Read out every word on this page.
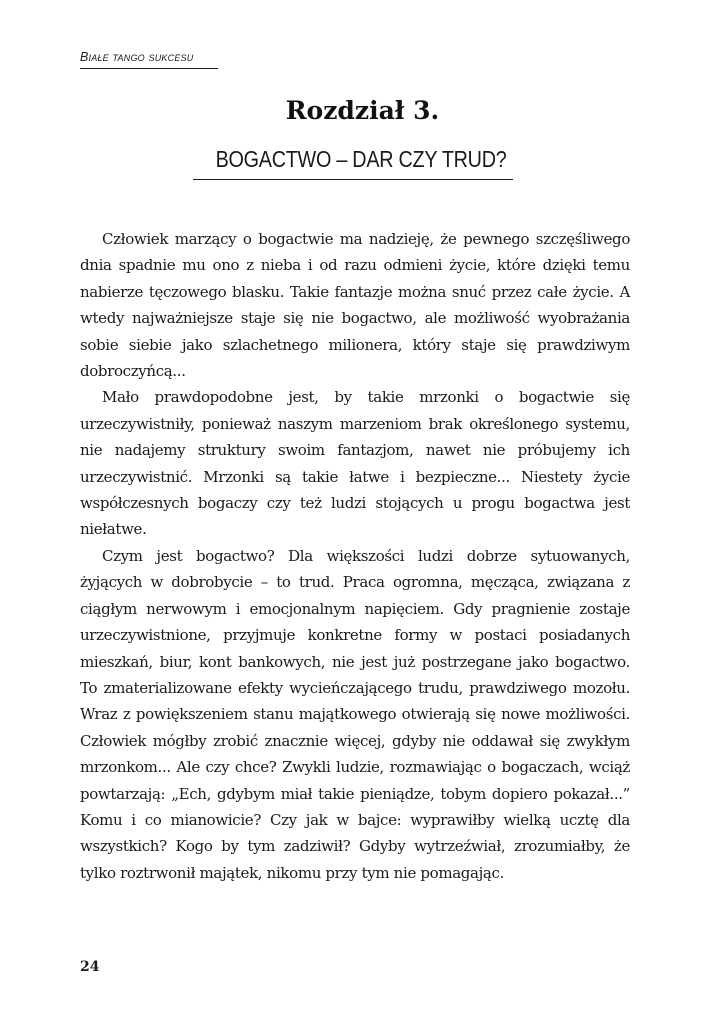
Białe tango sukcesu
Rozdział 3.
BOGACTWO – DAR CZY TRUD?

Człowiek marzący o bogactwie ma nadzieję, że pewnego szczęśliwego dnia spadnie mu ono z nieba i od razu odmieni życie, które dzięki temu nabierze tęczowego blasku. Takie fantazje można snuć przez całe życie. A wtedy najważniejsze staje się nie bogactwo, ale możliwość wyobrażania sobie siebie jako szlachetnego milionera, który staje się prawdziwym dobroczyńcą...

Mało prawdopodobne jest, by takie mrzonki o bogactwie się urzeczywistniły, ponieważ naszym marzeniom brak określonego systemu, nie nadajemy struktury swoim fantazjom, nawet nie próbujemy ich urzeczywistnić. Mrzonki są takie łatwe i bezpieczne... Niestety życie współczesnych bogaczy czy też ludzi stojących u progu bogactwa jest niełatwe.

Czym jest bogactwo? Dla większości ludzi dobrze sytuowanych, żyjących w dobrobycie – to trud. Praca ogromna, męcząca, związana z ciągłym nerwowym i emocjonalnym napięciem. Gdy pragnienie zostaje urzeczywistnione, przyjmuje konkretne formy w postaci posiadanych mieszkań, biur, kont bankowych, nie jest już postrzegane jako bogactwo. To zmaterializowane efekty wycieńczającego trudu, prawdziwego mozołu. Wraz z powiększeniem stanu majątkowego otwierają się nowe możliwości. Człowiek mógłby zrobić znacznie więcej, gdyby nie oddawał się zwykłym mrzonkom... Ale czy chce? Zwykli ludzie, rozmawiając o bogaczach, wciąż powtarzają: „Ech, gdybym miał takie pieniądze, tobym dopiero pokazał...” Komu i co mianowicie? Czy jak w bajce: wyprawiłby wielką ucztę dla wszystkich? Kogo by tym zadziwił? Gdyby wytrzeźwiał, zrozumiałby, że tylko roztrwonił majątek, nikomu przy tym nie pomagając.

24
